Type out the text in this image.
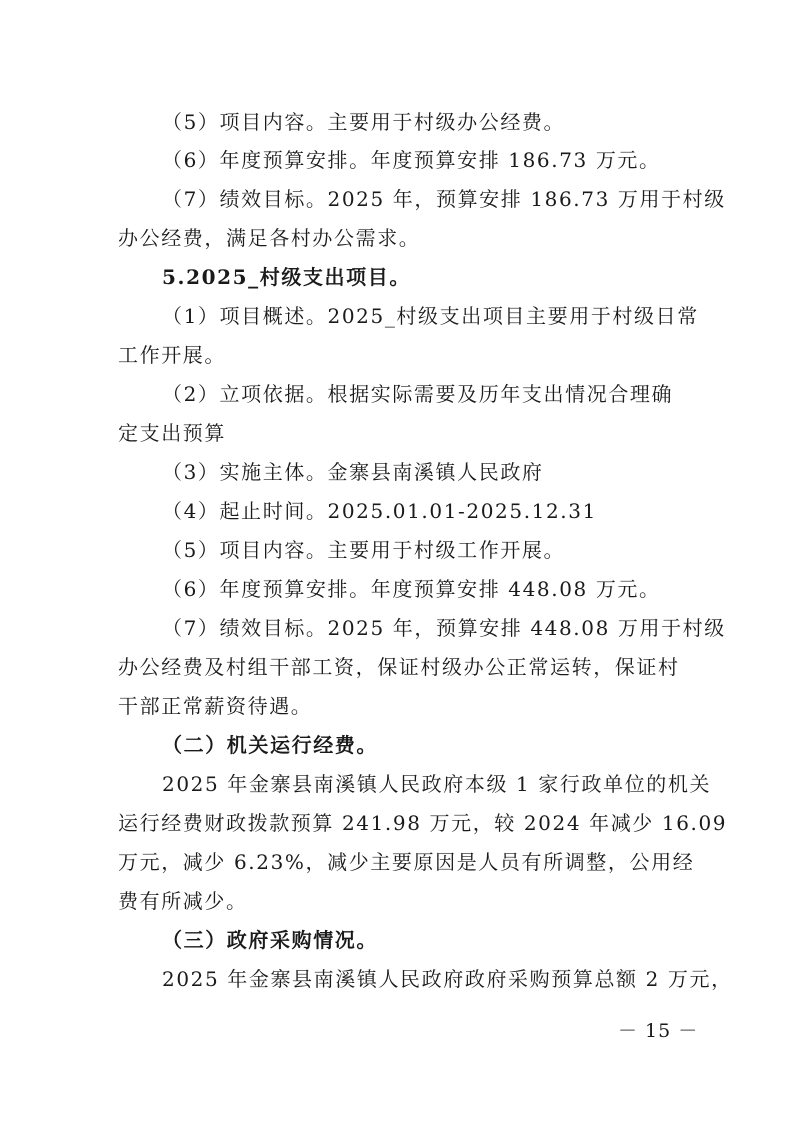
（5）项目内容。主要用于村级办公经费。
（6）年度预算安排。年度预算安排 186.73 万元。
（7）绩效目标。2025 年，预算安排 186.73 万用于村级
办公经费，满足各村办公需求。
5.2025_村级支出项目。
（1）项目概述。2025_村级支出项目主要用于村级日常
工作开展。
（2）立项依据。根据实际需要及历年支出情况合理确
定支出预算
（3）实施主体。金寨县南溪镇人民政府
（4）起止时间。2025.01.01-2025.12.31
（5）项目内容。主要用于村级工作开展。
（6）年度预算安排。年度预算安排 448.08 万元。
（7）绩效目标。2025 年，预算安排 448.08 万用于村级
办公经费及村组干部工资，保证村级办公正常运转，保证村
干部正常薪资待遇。
（二）机关运行经费。
2025 年金寨县南溪镇人民政府本级 1 家行政单位的机关
运行经费财政拨款预算 241.98 万元，较 2024 年减少 16.09
万元，减少 6.23%，减少主要原因是人员有所调整，公用经
费有所减少。
（三）政府采购情况。
2025 年金寨县南溪镇人民政府政府采购预算总额 2 万元，
－ 15 －
